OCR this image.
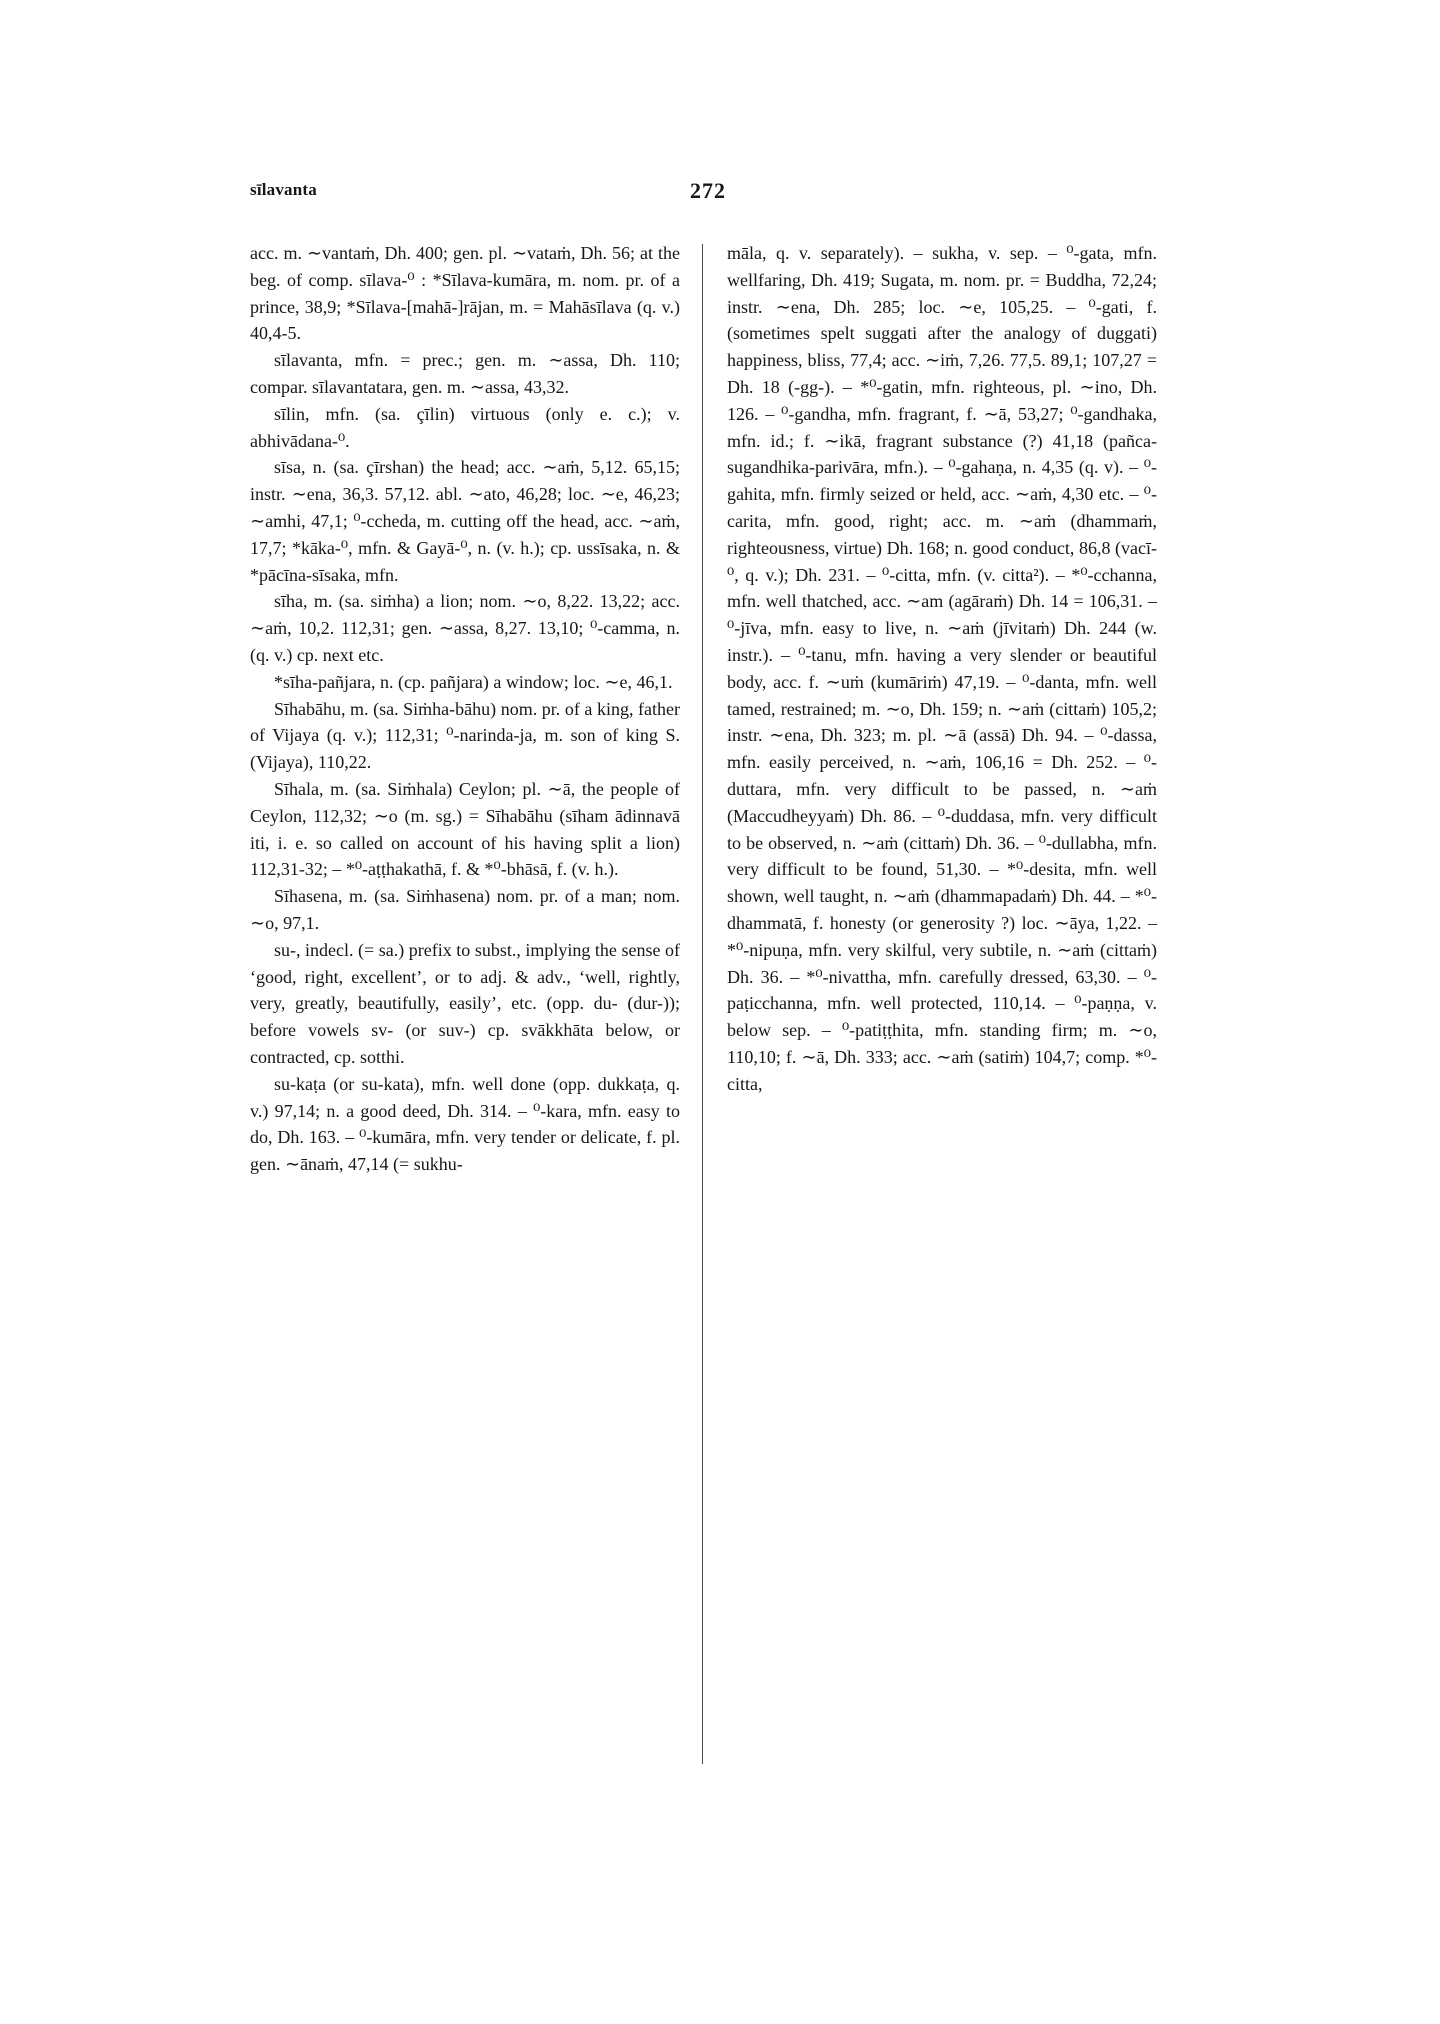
sīlavanta	272

acc. m. ∼vantaṁ, Dh. 400; gen. pl. ∼vataṁ, Dh. 56; at the beg. of comp. sīlava-⁰ : *Sīlava-kumāra, m. nom. pr. of a prince, 38,9; *Sīlava-[mahā-]rājan, m. = Mahāsīlava (q. v.) 40,4-5.

sīlavanta, mfn. = prec.; gen. m. ∼assa, Dh. 110; compar. sīlavantatara, gen. m. ∼assa, 43,32.

sīlin, mfn. (sa. çīlin) virtuous (only e. c.); v. abhivādana-⁰.

sīsa, n. (sa. çīrshan) the head; acc. ∼aṁ, 5,12. 65,15; instr. ∼ena, 36,3. 57,12. abl. ∼ato, 46,28; loc. ∼e, 46,23; ∼amhi, 47,1; ⁰-ccheda, m. cutting off the head, acc. ∼aṁ, 17,7; *kāka-⁰, mfn. & Gayā-⁰, n. (v. h.); cp. ussīsaka, n. & *pācīna-sīsaka, mfn.

sīha, m. (sa. siṁha) a lion; nom. ∼o, 8,22. 13,22; acc. ∼aṁ, 10,2. 112,31; gen. ∼assa, 8,27. 13,10; ⁰-camma, n. (q. v.) cp. next etc.

*sīha-pañjara, n. (cp. pañjara) a window; loc. ∼e, 46,1.

Sīhabāhu, m. (sa. Siṁha-bāhu) nom. pr. of a king, father of Vijaya (q. v.); 112,31; ⁰-narinda-ja, m. son of king S. (Vijaya), 110,22.

Sīhala, m. (sa. Siṁhala) Ceylon; pl. ∼ā, the people of Ceylon, 112,32; ∼o (m. sg.) = Sīhabāhu (sīham ādinnavā iti, i. e. so called on account of his having split a lion) 112,31-32; – *⁰-aṭṭhakathā, f. & *⁰-bhāsā, f. (v. h.).

Sīhasena, m. (sa. Siṁhasena) nom. pr. of a man; nom. ∼o, 97,1.

su-, indecl. (= sa.) prefix to subst., implying the sense of ‘good, right, excellent’, or to adj. & adv., ‘well, rightly, very, greatly, beautifully, easily’, etc. (opp. du- (dur-)); before vowels sv- (or suv-) cp. svākkhāta below, or contracted, cp. sotthi.

su-kaṭa (or su-kata), mfn. well done (opp. dukkaṭa, q. v.) 97,14; n. a good deed, Dh. 314. – ⁰-kara, mfn. easy to do, Dh. 163. – ⁰-kumāra, mfn. very tender or delicate, f. pl. gen. ∼ānaṁ, 47,14 (= sukhu-

māla, q. v. separately). – sukha, v. sep. – ⁰-gata, mfn. wellfaring, Dh. 419; Sugata, m. nom. pr. = Buddha, 72,24; instr. ∼ena, Dh. 285; loc. ∼e, 105,25. – ⁰-gati, f. (sometimes spelt suggati after the analogy of duggati) happiness, bliss, 77,4; acc. ∼iṁ, 7,26. 77,5. 89,1; 107,27 = Dh. 18 (-gg-). – *⁰-gatin, mfn. righteous, pl. ∼ino, Dh. 126. – ⁰-gandha, mfn. fragrant, f. ∼ā, 53,27; ⁰-gandhaka, mfn. id.; f. ∼ikā, fragrant substance (?) 41,18 (pañca-sugandhika-parivāra, mfn.). – ⁰-gahaṇa, n. 4,35 (q. v). – ⁰-gahita, mfn. firmly seized or held, acc. ∼aṁ, 4,30 etc. – ⁰-carita, mfn. good, right; acc. m. ∼aṁ (dhammaṁ, righteousness, virtue) Dh. 168; n. good conduct, 86,8 (vacī-⁰, q. v.); Dh. 231. – ⁰-citta, mfn. (v. citta²). – *⁰-cchanna, mfn. well thatched, acc. ∼am (agāraṁ) Dh. 14 = 106,31. – ⁰-jīva, mfn. easy to live, n. ∼aṁ (jīvitaṁ) Dh. 244 (w. instr.). – ⁰-tanu, mfn. having a very slender or beautiful body, acc. f. ∼uṁ (kumāriṁ) 47,19. – ⁰-danta, mfn. well tamed, restrained; m. ∼o, Dh. 159; n. ∼aṁ (cittaṁ) 105,2; instr. ∼ena, Dh. 323; m. pl. ∼ā (assā) Dh. 94. – ⁰-dassa, mfn. easily perceived, n. ∼aṁ, 106,16 = Dh. 252. – ⁰-duttara, mfn. very difficult to be passed, n. ∼aṁ (Maccudheyyaṁ) Dh. 86. – ⁰-duddasa, mfn. very difficult to be observed, n. ∼aṁ (cittaṁ) Dh. 36. – ⁰-dullabha, mfn. very difficult to be found, 51,30. – *⁰-desita, mfn. well shown, well taught, n. ∼aṁ (dhammapadaṁ) Dh. 44. – *⁰-dhammatā, f. honesty (or generosity ?) loc. ∼āya, 1,22. – *⁰-nipuṇa, mfn. very skilful, very subtile, n. ∼aṁ (cittaṁ) Dh. 36. – *⁰-nivattha, mfn. carefully dressed, 63,30. – ⁰-paṭicchanna, mfn. well protected, 110,14. – ⁰-paṇṇa, v. below sep. – ⁰-patiṭṭhita, mfn. standing firm; m. ∼o, 110,10; f. ∼ā, Dh. 333; acc. ∼aṁ (satiṁ) 104,7; comp. *⁰-citta,
